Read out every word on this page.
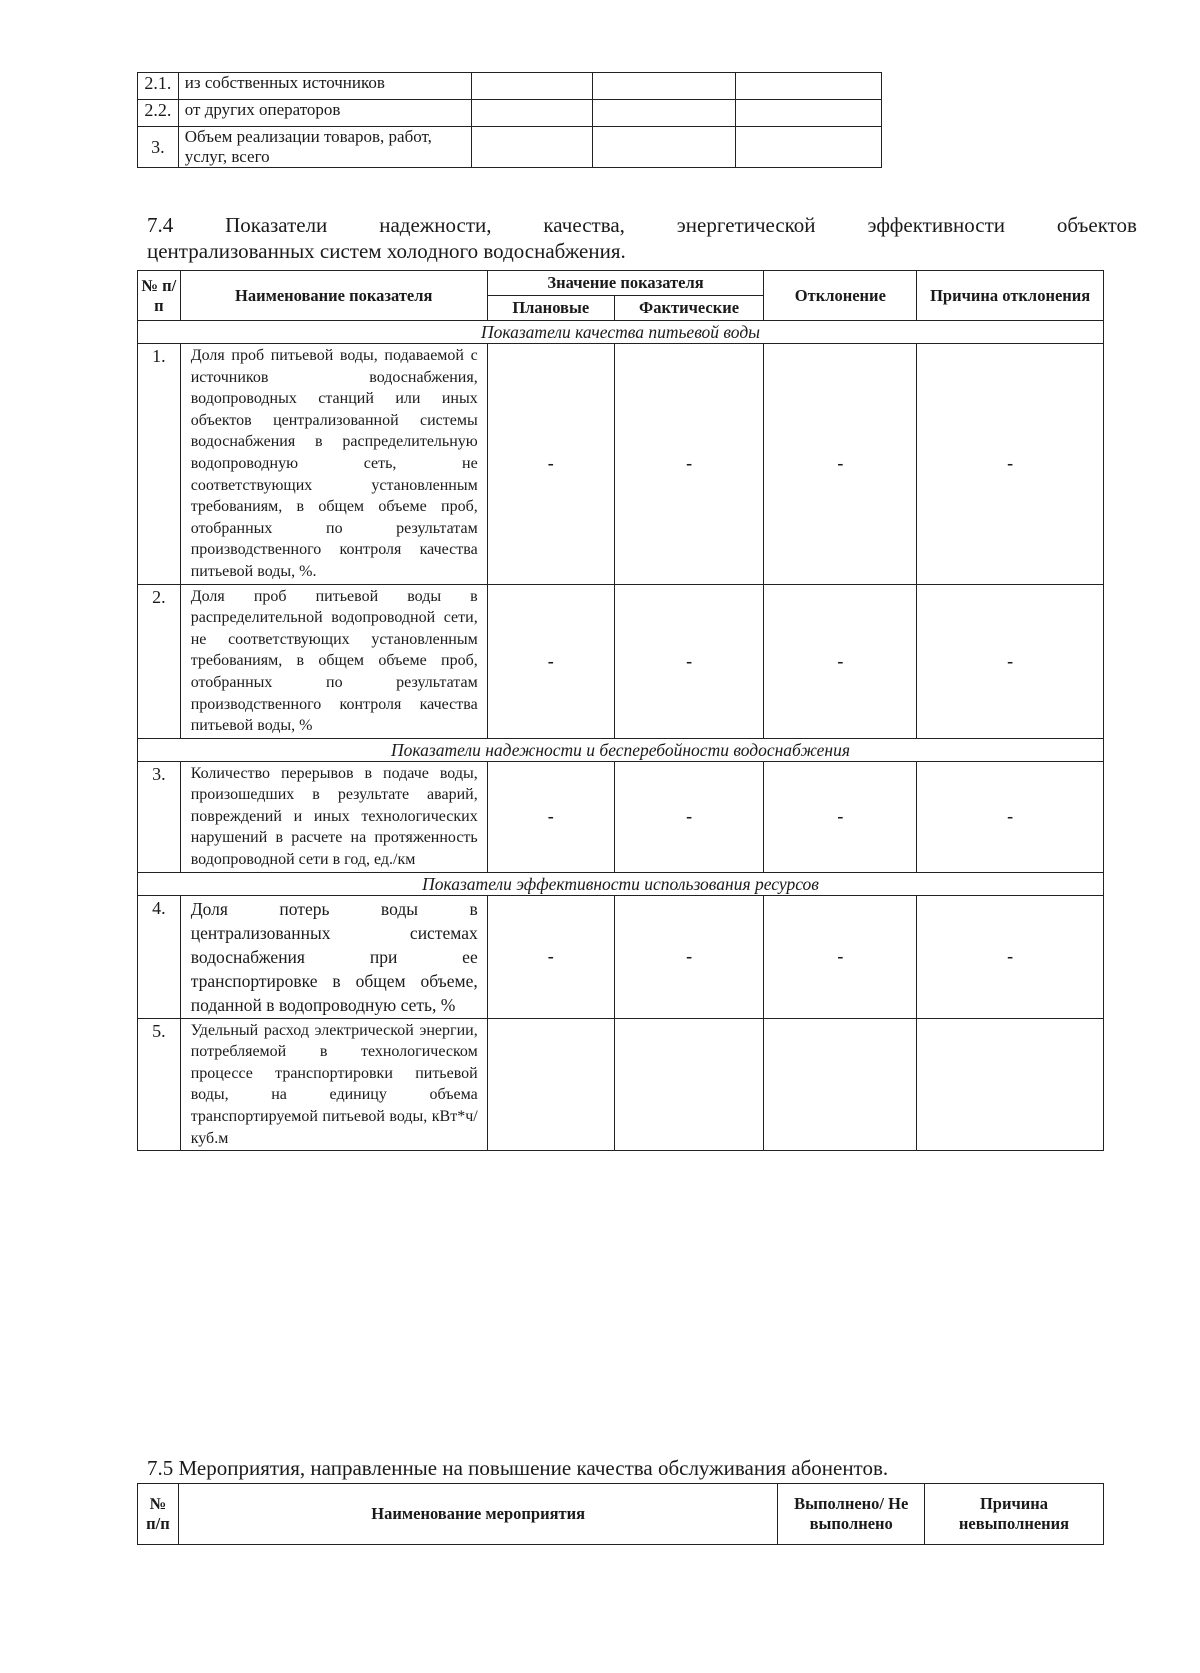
2.1.	из собственных источников			
2.2.	от других операторов			
3.	Объем реализации товаров, работ, услуг, всего			
7.4 Показатели надежности, качества, энергетической эффективности объектов
централизованных систем холодного водоснабжения.
№ п/п	Наименование показателя	Значение показателя		Отклонение	Причина отклонения
		Плановые	Фактические		
Показатели качества питьевой воды					
1.	Доля проб питьевой воды, подаваемой с источников водоснабжения, водопроводных станций или иных объектов централизованной системы водоснабжения в распределительную водопроводную сеть, не соответствующих установленным требованиям, в общем объеме проб, отобранных по результатам производственного контроля качества питьевой воды, %.	-	-	-	-
2.	Доля проб питьевой воды в распределительной водопроводной сети, не соответствующих установленным требованиям, в общем объеме проб, отобранных по результатам производственного контроля качества питьевой воды, %	-	-	-	-
Показатели надежности и бесперебойности водоснабжения					
3.	Количество перерывов в подаче воды, произошедших в результате аварий, повреждений и иных технологических нарушений в расчете на протяженность водопроводной сети в год, ед./км	-	-	-	-
Показатели эффективности использования ресурсов					
4.	Доля потерь воды в централизованных системах водоснабжения при ее транспортировке в общем объеме, поданной в водопроводную сеть, %	-	-	-	-
5.	Удельный расход электрической энергии, потребляемой в технологическом процессе транспортировки питьевой воды, на единицу объема транспортируемой питьевой воды, кВт*ч/куб.м				
7.5 Мероприятия, направленные на повышение качества обслуживания абонентов.
№ п/п	Наименование мероприятия	Выполнено/ Не выполнено	Причина невыполнения
